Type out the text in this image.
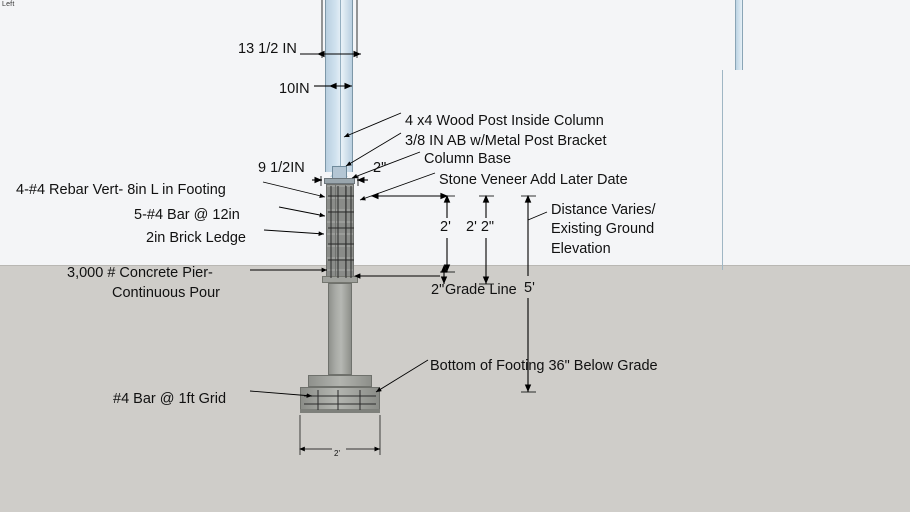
Left
13 1/2 IN
10IN
9 1/2IN	2"
2' 2' 2"
5'
2"
2'
4 x4 Wood Post Inside Column
3/8 IN AB w/Metal Post Bracket
Column Base
Stone Veneer Add Later Date
4-#4 Rebar Vert- 8in L in Footing
5-#4 Bar @ 12in
2in Brick Ledge
3,000 # Concrete Pier-
Continuous Pour	Grade Line
Distance Varies/
Existing Ground
Elevation
Bottom of Footing 36" Below Grade
#4 Bar @ 1ft Grid
